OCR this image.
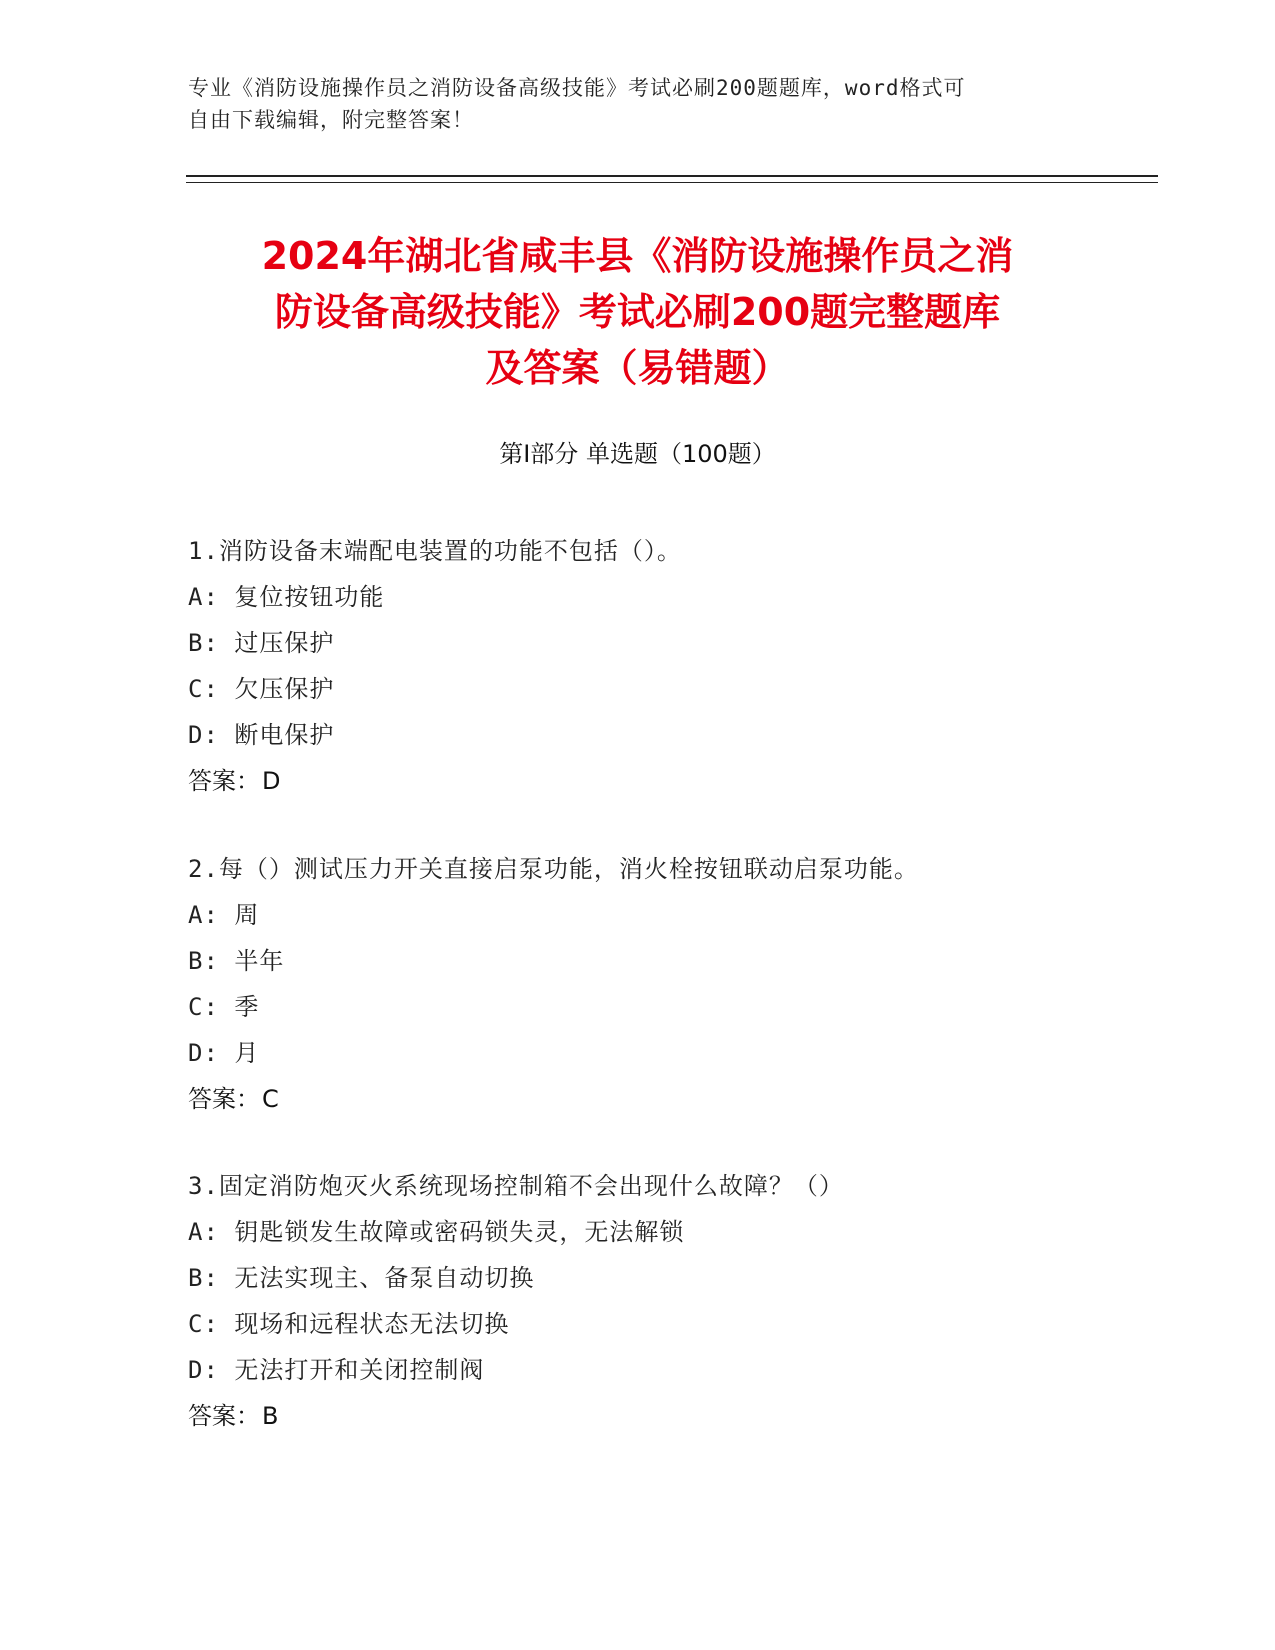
专业《消防设施操作员之消防设备高级技能》考试必刷200题题库，word格式可
自由下载编辑，附完整答案！
2024年湖北省咸丰县《消防设施操作员之消
防设备高级技能》考试必刷200题完整题库
及答案（易错题）
第Ⅰ部分 单选题（100题）
1.消防设备末端配电装置的功能不包括（）。
A: 复位按钮功能
B: 过压保护
C: 欠压保护
D: 断电保护
答案：D
2.每（）测试压力开关直接启泵功能，消火栓按钮联动启泵功能。
A: 周
B: 半年
C: 季
D: 月
答案：C
3.固定消防炮灭火系统现场控制箱不会出现什么故障？（）
A: 钥匙锁发生故障或密码锁失灵，无法解锁
B: 无法实现主、备泵自动切换
C: 现场和远程状态无法切换
D: 无法打开和关闭控制阀
答案：B
